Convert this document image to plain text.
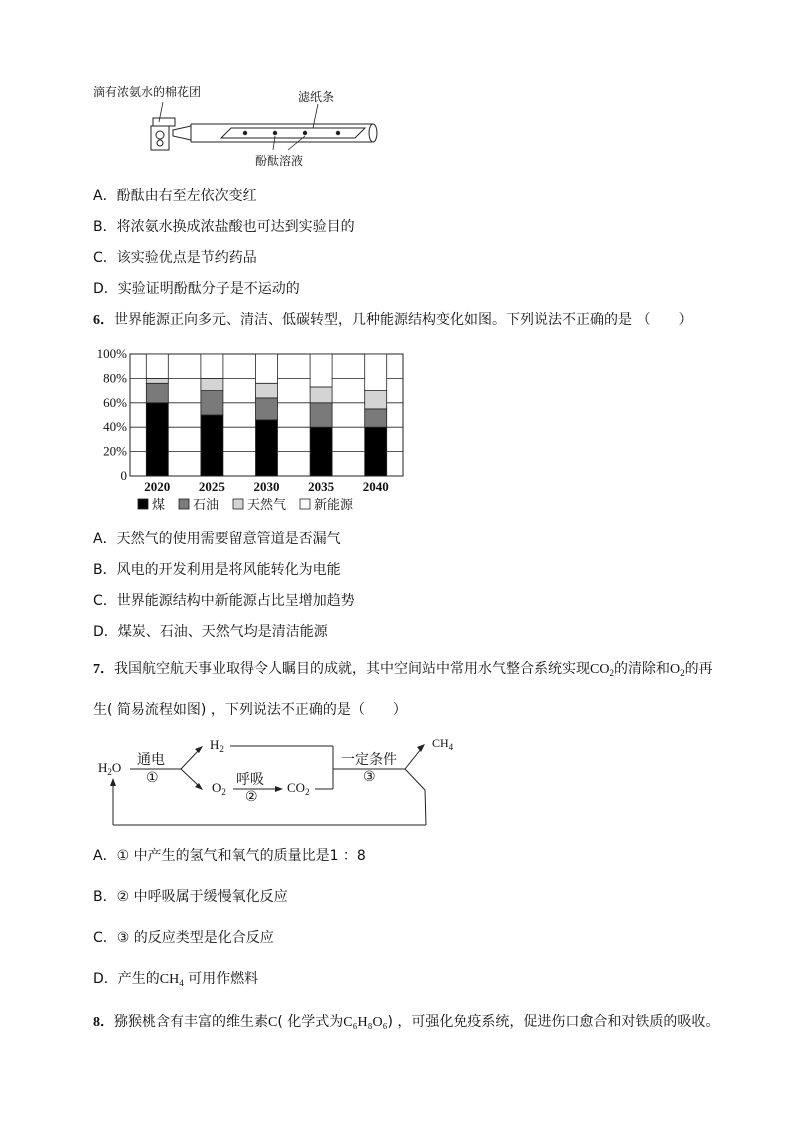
滴有浓氨水的棉花团	滤纸条
酚酞溶液
A．酚酞由右至左依次变红
B．将浓氨水换成浓盐酸也可达到实验目的
C．该实验优点是节约药品
D．实验证明酚酞分子是不运动的
6．世界能源正向多元、清洁、低碳转型，几种能源结构变化如图。下列说法不正确的是 （　　）
0
20%
40%
60%
80%
100%
2020 2025 2030 2035 2040
煤 石油 天然气 新能源
A．天然气的使用需要留意管道是否漏气
B．风电的开发利用是将风能转化为电能
C．世界能源结构中新能源占比呈增加趋势
D．煤炭、石油、天然气均是清洁能源
7．我国航空航天事业取得令人瞩目的成就，其中空间站中常用水气整合系统实现$CO_2$的清除和$O_2$的再
生( 简易流程如图) ，下列说法不正确的是（　　）
$H_2O$ 通电
①
$H_2$
$O_2$
呼吸
②
$CO_2$
一定条件
③
$CH_4$
A．① 中产生的氢气和氧气的质量比是1 ：8
B．② 中呼吸属于缓慢氧化反应
C．③ 的反应类型是化合反应
D．产生的$CH_4$ 可用作燃料
8．猕猴桃含有丰富的维生素C( 化学式为C₆H₈O₆) ，可强化免疫系统，促进伤口愈合和对铁质的吸收。
